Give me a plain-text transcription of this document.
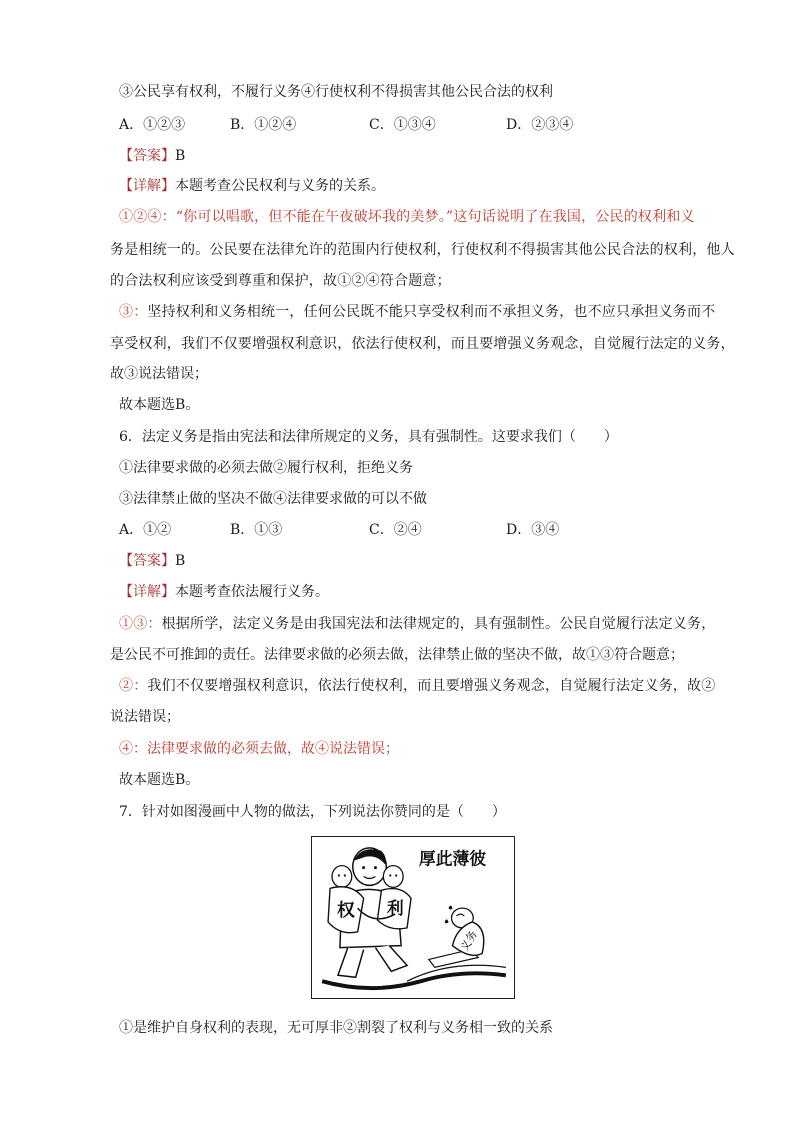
③公民享有权利，不履行义务④行使权利不得损害其他公民合法的权利
A．①②③	B．①②④	C．①③④	D．②③④
【答案】B
【详解】本题考查公民权利与义务的关系。
①②④：“你可以唱歌，但不能在午夜破坏我的美梦。”这句话说明了在我国，公民的权利和义
务是相统一的。公民要在法律允许的范围内行使权利，行使权利不得损害其他公民合法的权利，他人
的合法权利应该受到尊重和保护，故①②④符合题意；
③：坚持权利和义务相统一，任何公民既不能只享受权利而不承担义务，也不应只承担义务而不
享受权利，我们不仅要增强权利意识，依法行使权利，而且要增强义务观念，自觉履行法定的义务，
故③说法错误；
故本题选B。
6．法定义务是指由宪法和法律所规定的义务，具有强制性。这要求我们（　　）
①法律要求做的必须去做②履行权利，拒绝义务
③法律禁止做的坚决不做④法律要求做的可以不做
A．①②	B．①③	C．②④	D．③④
【答案】B
【详解】本题考查依法履行义务。
①③：根据所学，法定义务是由我国宪法和法律规定的，具有强制性。公民自觉履行法定义务，
是公民不可推卸的责任。法律要求做的必须去做，法律禁止做的坚决不做，故①③符合题意；
②：我们不仅要增强权利意识，依法行使权利，而且要增强义务观念，自觉履行法定义务，故②
说法错误；
④：法律要求做的必须去做，故④说法错误；
故本题选B。
7．针对如图漫画中人物的做法，下列说法你赞同的是（　　）
厚此薄彼
权 利
义务
①是维护自身权利的表现，无可厚非②割裂了权利与义务相一致的关系
